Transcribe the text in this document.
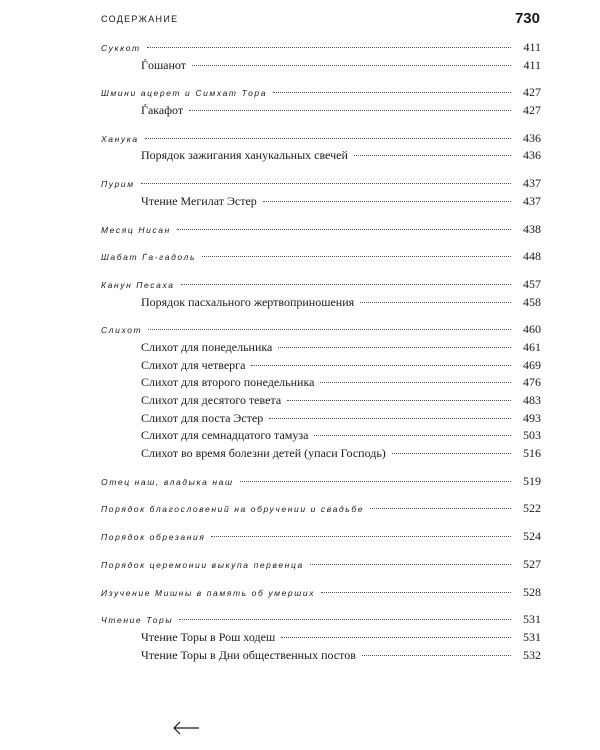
СОДЕРЖАНИЕ	730
Суккот	411
Ѓошанот	411
Шмини ацерет и Симхат Тора	427
Ѓакафот	427
Ханука	436
Порядок зажигания ханукальных свечей	436
Пурим	437
Чтение Мегилат Эстер	437
Месяц Нисан	438
Шабат Ѓа-гадоль	448
Канун Песаха	457
Порядок пасхального жертвоприношения	458
Слихот	460
Слихот для понедельника	461
Слихот для четверга	469
Слихот для второго понедельника	476
Слихот для десятого тевета	483
Слихот для поста Эстер	493
Слихот для семнадцатого тамуза	503
Слихот во время болезни детей (упаси Господь)	516
Отец наш, владыка наш	519
Порядок благословений на обручении и свадьбе	522
Порядок обрезания	524
Порядок церемонии выкупа первенца	527
Изучение Мишны в память об умерших	528
Чтение Торы	531
Чтение Торы в Рош ходеш	531
Чтение Торы в Дни общественных постов	532
